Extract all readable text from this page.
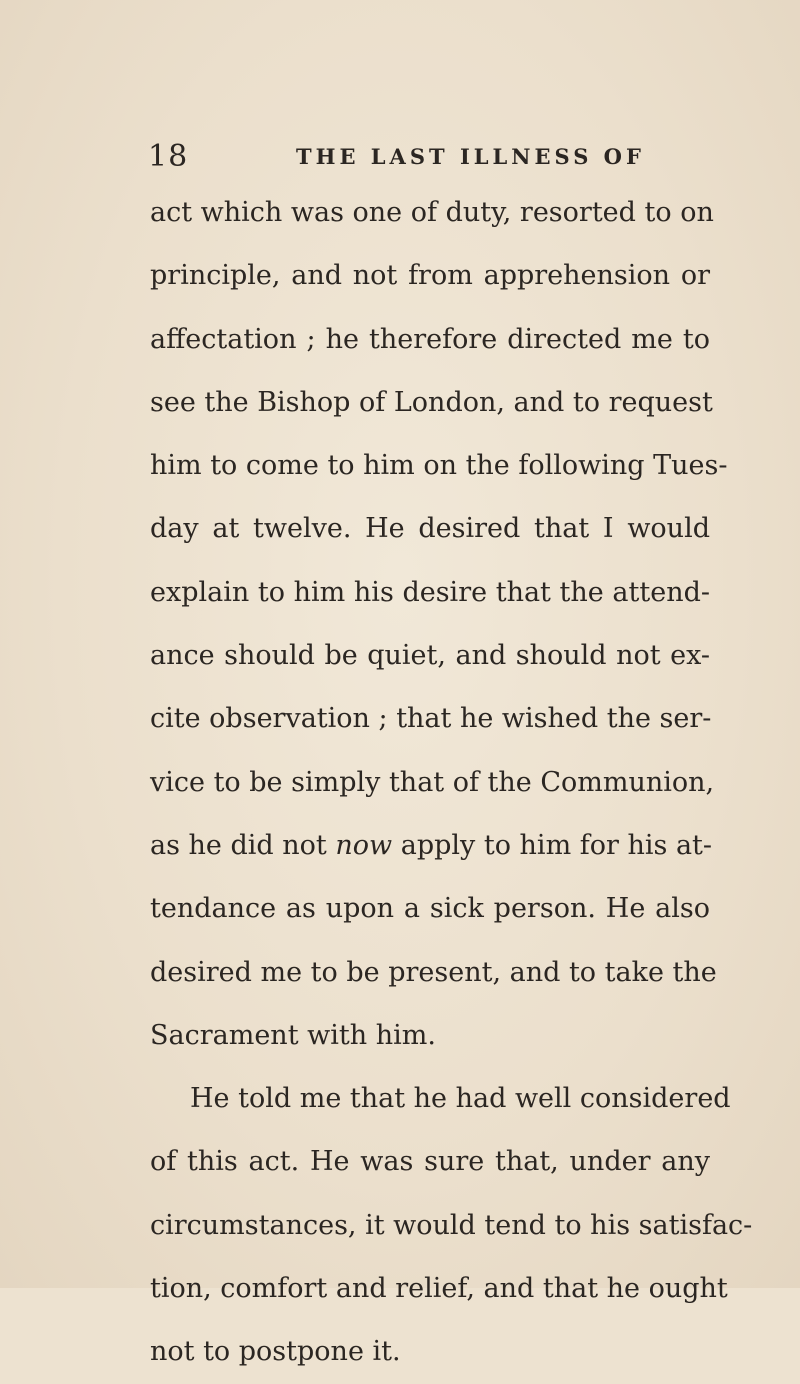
18	THE LAST ILLNESS OF
act which was one of duty, resorted to on
principle, and not from apprehension or
affectation ; he therefore directed me to
see the Bishop of London, and to request
him to come to him on the following Tues-
day at twelve. He desired that I would
explain to him his desire that the attend-
ance should be quiet, and should not ex-
cite observation ; that he wished the ser-
vice to be simply that of the Communion,
as he did not now apply to him for his at-
tendance as upon a sick person. He also
desired me to be present, and to take the
Sacrament with him.
He told me that he had well considered
of this act. He was sure that, under any
circumstances, it would tend to his satisfac-
tion, comfort and relief, and that he ought
not to postpone it.
